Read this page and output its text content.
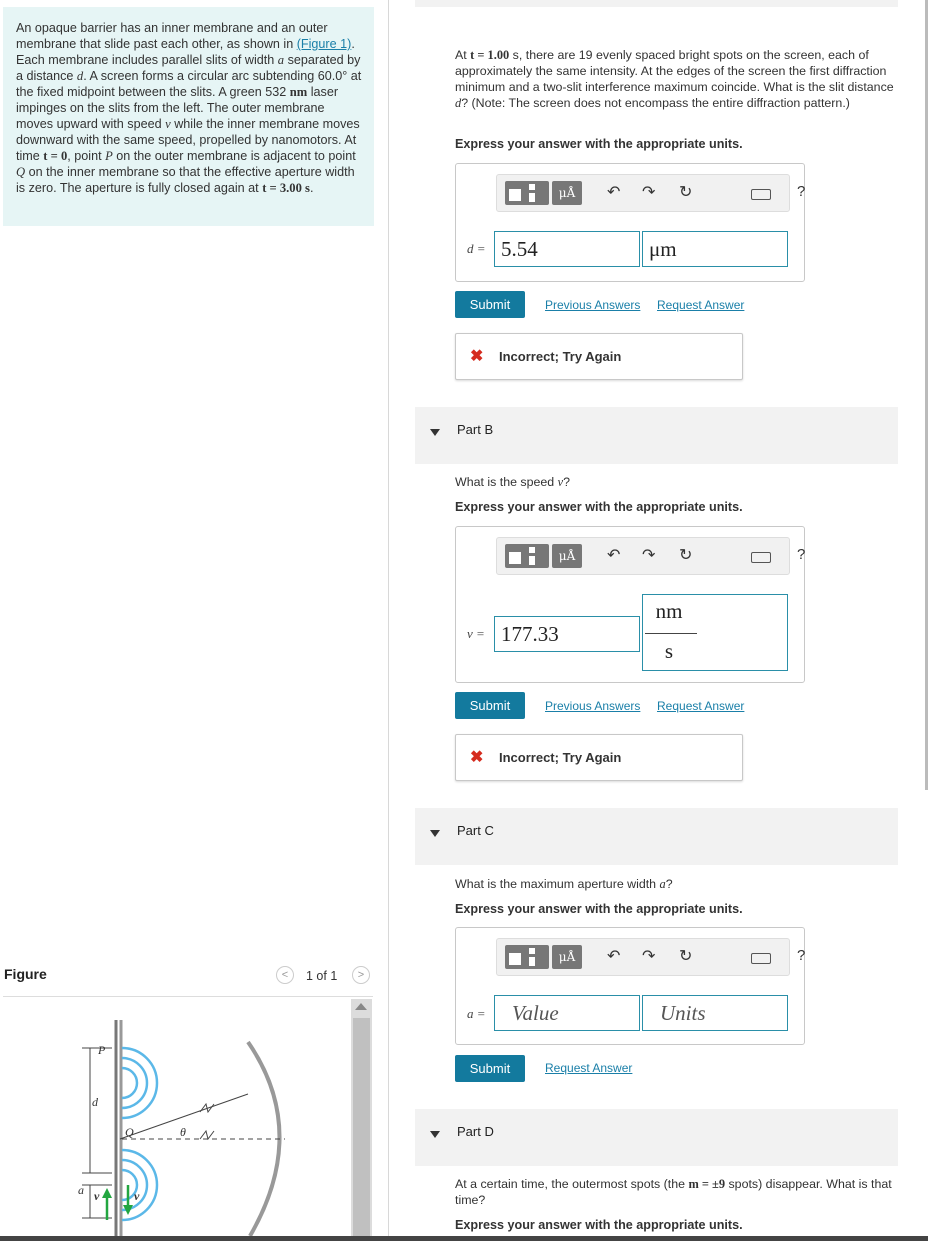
An opaque barrier has an inner membrane and an outer membrane that slide past each other, as shown in (Figure 1). Each membrane includes parallel slits of width a separated by a distance d. A screen forms a circular arc subtending 60.0° at the fixed midpoint between the slits. A green 532 nm laser impinges on the slits from the left. The outer membrane moves upward with speed v while the inner membrane moves downward with the same speed, propelled by nanomotors. At time t = 0, point P on the outer membrane is adjacent to point Q on the inner membrane so that the effective aperture width is zero. The aperture is fully closed again at t = 3.00 s.
Figure	<	1 of 1	>
P
Q
d
a
θ
v	v
At t = 1.00 s, there are 19 evenly spaced bright spots on the screen, each of approximately the same intensity. At the edges of the screen the first diffraction minimum and a two-slit interference maximum coincide. What is the slit distance d? (Note: The screen does not encompass the entire diffraction pattern.)
Express your answer with the appropriate units.
μÅ	↶ ↷ ↻	?
d = 5.54	μm
Submit	Previous Answers Request Answer
✖ Incorrect; Try Again
Part B
What is the speed v?
Express your answer with the appropriate units.
μÅ	↶ ↷ ↻	?
v = 177.33
nm
s
Submit	Previous Answers Request Answer
✖ Incorrect; Try Again
Part C
What is the maximum aperture width a?
Express your answer with the appropriate units.
μÅ	↶ ↷ ↻	?
a =	Value	Units
Submit	Request Answer
Part D
At a certain time, the outermost spots (the m = ±9 spots) disappear. What is that time?
Express your answer with the appropriate units.
